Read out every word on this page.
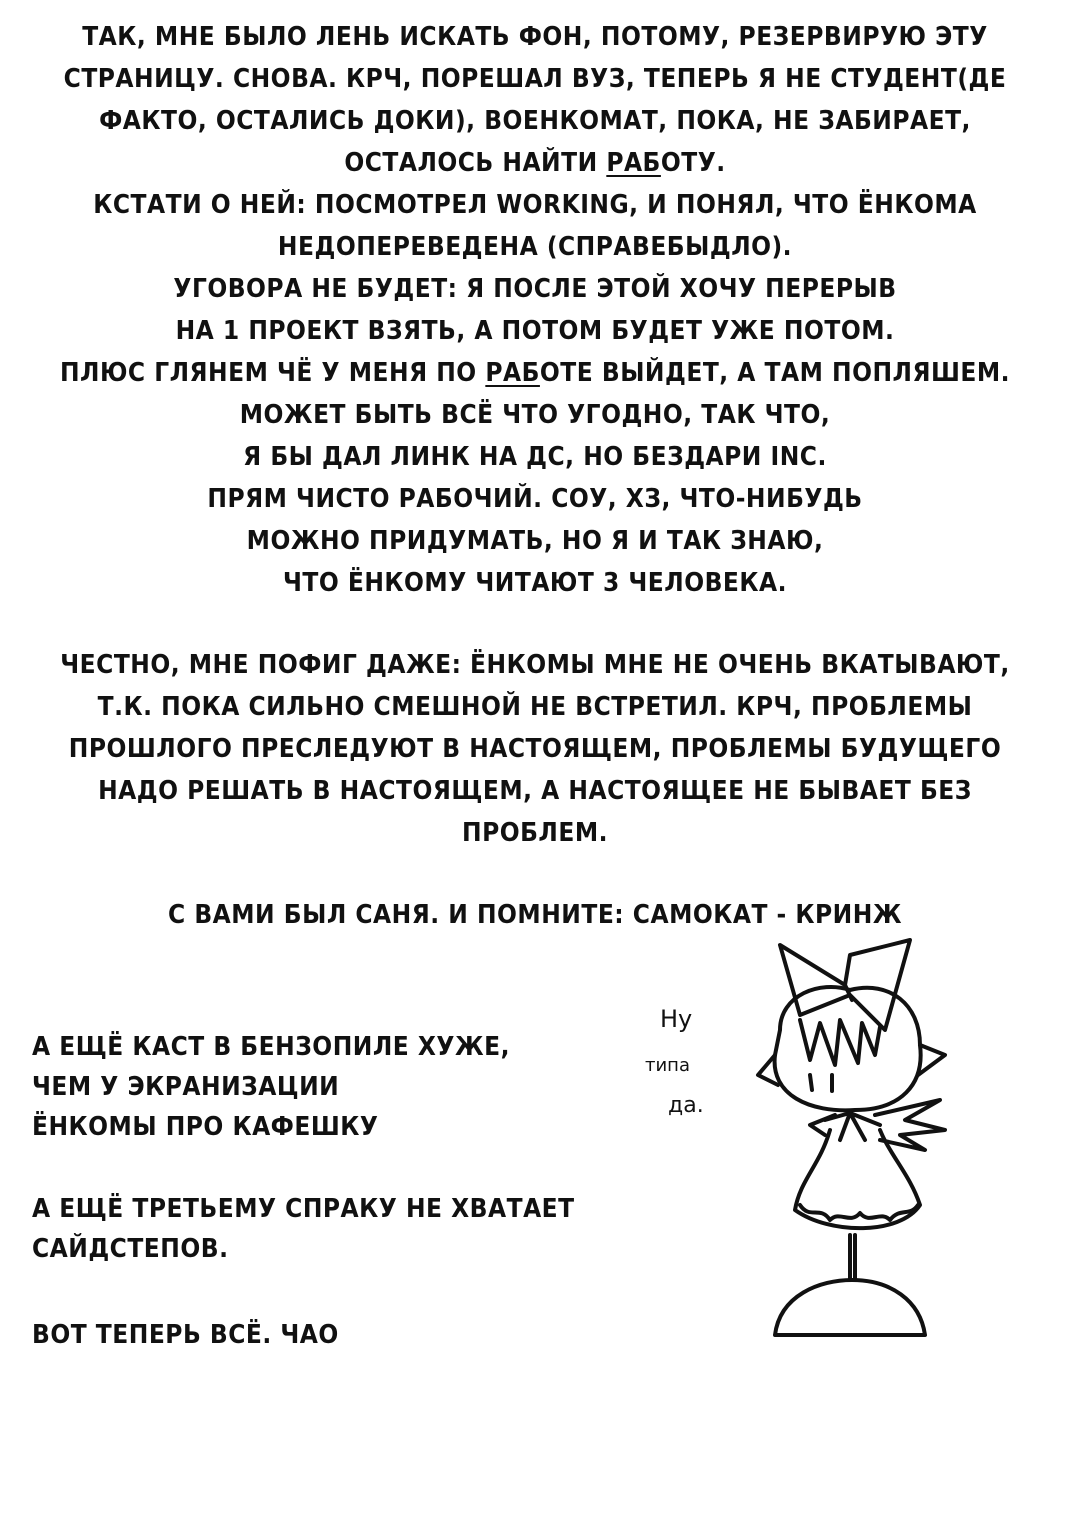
ТАК, МНЕ БЫЛО ЛЕНЬ ИСКАТЬ ФОН, ПОТОМУ, РЕЗЕРВИРУЮ ЭТУ
СТРАНИЦУ. СНОВА. КРЧ, ПОРЕШАЛ ВУЗ, ТЕПЕРЬ Я НЕ СТУДЕНТ(ДЕ
ФАКТО, ОСТАЛИСЬ ДОКИ), ВОЕНКОМАТ, ПОКА, НЕ ЗАБИРАЕТ,
ОСТАЛОСЬ НАЙТИ РАБОТУ.
КСТАТИ О НЕЙ: ПОСМОТРЕЛ WORKING, И ПОНЯЛ, ЧТО ЁНКОМА
НЕДОПЕРЕВЕДЕНА (СПРАВЕБЫДЛО).
УГОВОРА НЕ БУДЕТ: Я ПОСЛЕ ЭТОЙ ХОЧУ ПЕРЕРЫВ
НА 1 ПРОЕКТ ВЗЯТЬ, А ПОТОМ БУДЕТ УЖЕ ПОТОМ.
ПЛЮС ГЛЯНЕМ ЧЁ У МЕНЯ ПО РАБОТЕ ВЫЙДЕТ, А ТАМ ПОПЛЯШЕМ.
МОЖЕТ БЫТЬ ВСЁ ЧТО УГОДНО, ТАК ЧТО,
Я БЫ ДАЛ ЛИНК НА ДС, НО БЕЗДАРИ INC.
ПРЯМ ЧИСТО РАБОЧИЙ. СОУ, ХЗ, ЧТО-НИБУДЬ
МОЖНО ПРИДУМАТЬ, НО Я И ТАК ЗНАЮ,
ЧТО ЁНКОМУ ЧИТАЮТ 3 ЧЕЛОВЕКА.
ЧЕСТНО, МНЕ ПОФИГ ДАЖЕ: ЁНКОМЫ МНЕ НЕ ОЧЕНЬ ВКАТЫВАЮТ,
Т.К. ПОКА СИЛЬНО СМЕШНОЙ НЕ ВСТРЕТИЛ. КРЧ, ПРОБЛЕМЫ
ПРОШЛОГО ПРЕСЛЕДУЮТ В НАСТОЯЩЕМ, ПРОБЛЕМЫ БУДУЩЕГО
НАДО РЕШАТЬ В НАСТОЯЩЕМ, А НАСТОЯЩЕЕ НЕ БЫВАЕТ БЕЗ
ПРОБЛЕМ.
С ВАМИ БЫЛ САНЯ. И ПОМНИТЕ: САМОКАТ - КРИНЖ
А ЕЩЁ КАСТ В БЕНЗОПИЛЕ ХУЖЕ,
ЧЕМ У ЭКРАНИЗАЦИИ
ЁНКОМЫ ПРО КАФЕШКУ
А ЕЩЁ ТРЕТЬЕМУ СПРАКУ НЕ ХВАТАЕТ
САЙДСТЕПОВ.
ВОТ ТЕПЕРЬ ВСЁ. ЧАО
Ну
типа
да.
